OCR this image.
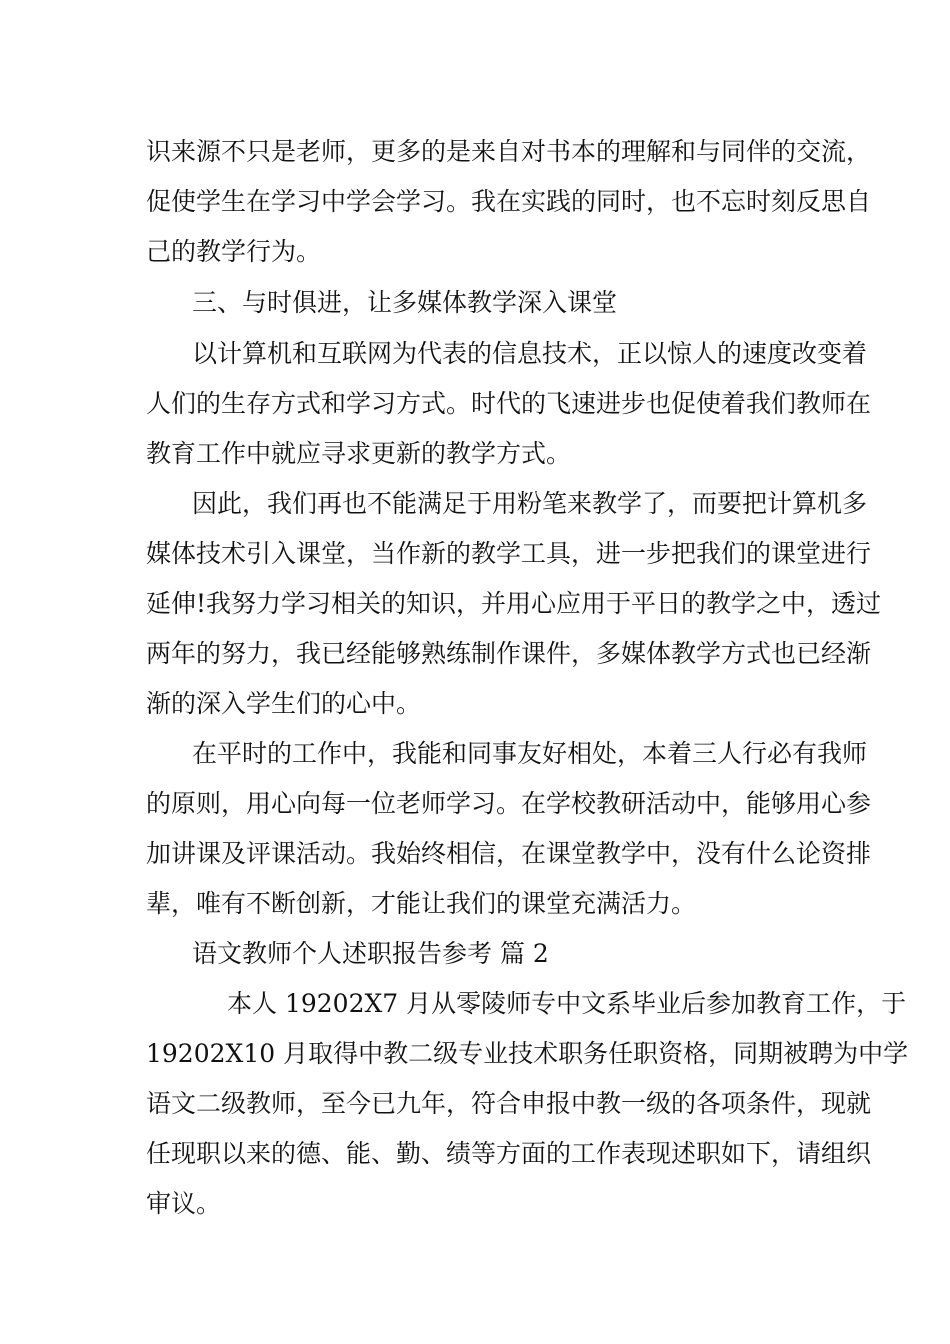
识来源不只是老师，更多的是来自对书本的理解和与同伴的交流，
促使学生在学习中学会学习。我在实践的同时，也不忘时刻反思自
己的教学行为。
三、与时俱进，让多媒体教学深入课堂
以计算机和互联网为代表的信息技术，正以惊人的速度改变着
人们的生存方式和学习方式。时代的飞速进步也促使着我们教师在
教育工作中就应寻求更新的教学方式。
因此，我们再也不能满足于用粉笔来教学了，而要把计算机多
媒体技术引入课堂，当作新的教学工具，进一步把我们的课堂进行
延伸!我努力学习相关的知识，并用心应用于平日的教学之中，透过
两年的努力，我已经能够熟练制作课件，多媒体教学方式也已经渐
渐的深入学生们的心中。
在平时的工作中，我能和同事友好相处，本着三人行必有我师
的原则，用心向每一位老师学习。在学校教研活动中，能够用心参
加讲课及评课活动。我始终相信，在课堂教学中，没有什么论资排
辈，唯有不断创新，才能让我们的课堂充满活力。
语文教师个人述职报告参考 篇 2
本人 19202X7 月从零陵师专中文系毕业后参加教育工作，于
19202X10 月取得中教二级专业技术职务任职资格，同期被聘为中学
语文二级教师，至今已九年，符合申报中教一级的各项条件，现就
任现职以来的德、能、勤、绩等方面的工作表现述职如下，请组织
审议。
